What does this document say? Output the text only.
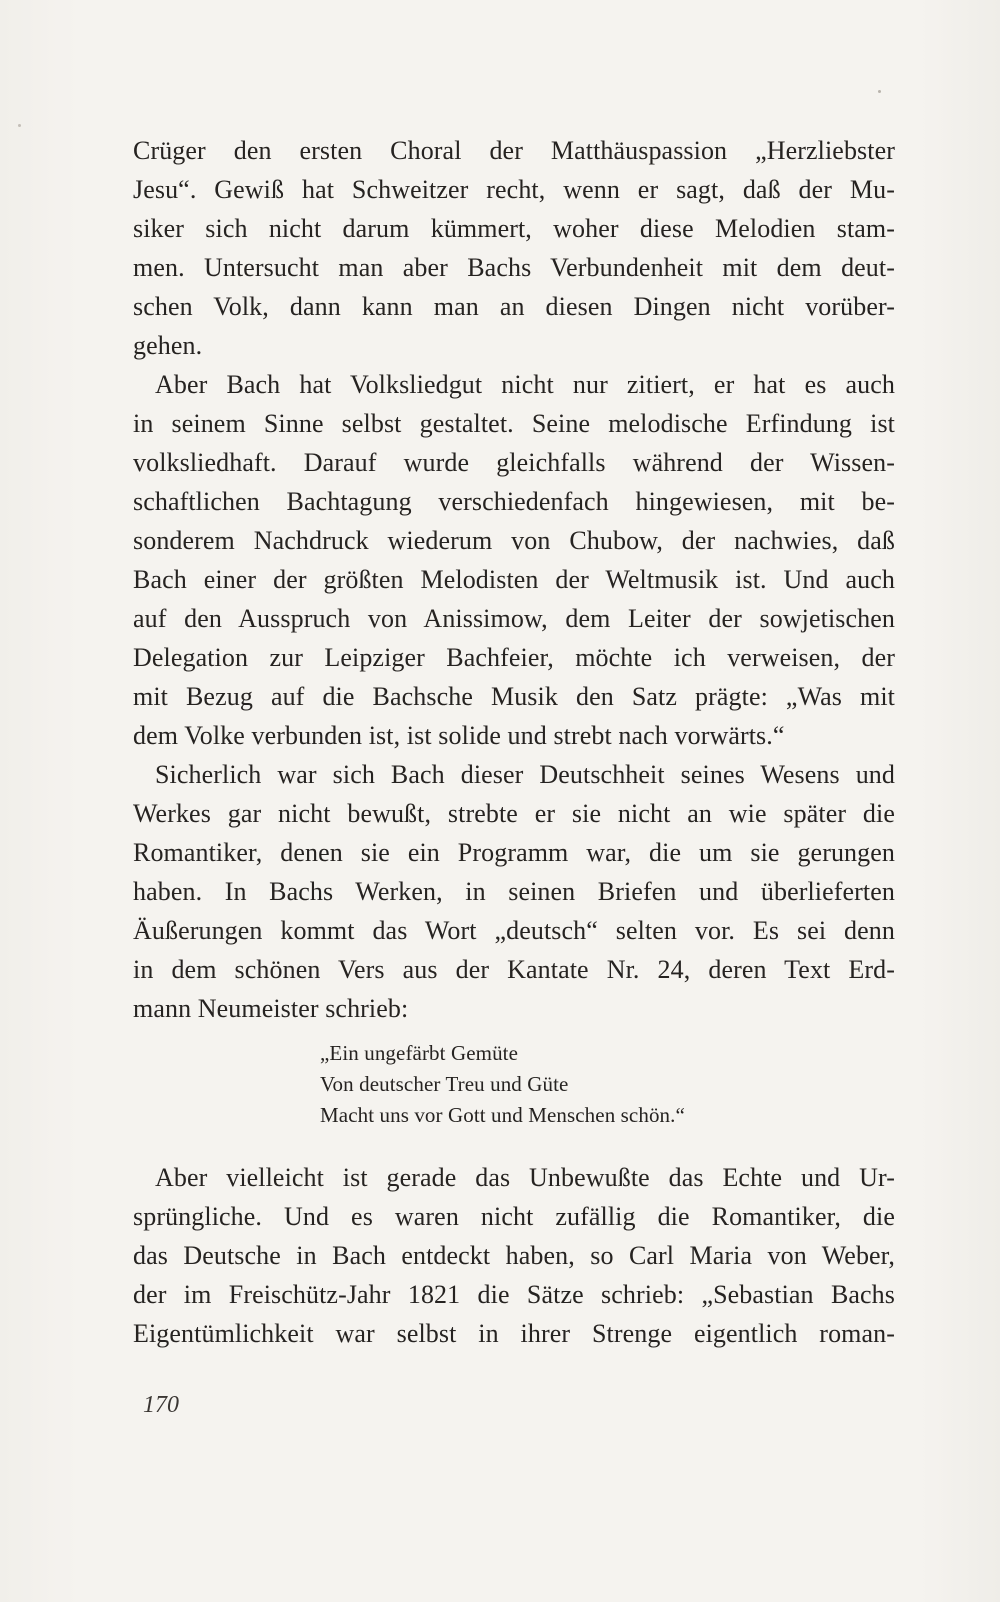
Crüger den ersten Choral der Matthäuspassion „Herzliebster

Jesu“. Gewiß hat Schweitzer recht, wenn er sagt, daß der Mu-

siker sich nicht darum kümmert, woher diese Melodien stam-

men. Untersucht man aber Bachs Verbundenheit mit dem deut-

schen Volk, dann kann man an diesen Dingen nicht vorüber-

gehen.

Aber Bach hat Volksliedgut nicht nur zitiert, er hat es auch

in seinem Sinne selbst gestaltet. Seine melodische Erfindung ist

volksliedhaft. Darauf wurde gleichfalls während der Wissen-

schaftlichen Bachtagung verschiedenfach hingewiesen, mit be-

sonderem Nachdruck wiederum von Chubow, der nachwies, daß

Bach einer der größten Melodisten der Weltmusik ist. Und auch

auf den Ausspruch von Anissimow, dem Leiter der sowjetischen

Delegation zur Leipziger Bachfeier, möchte ich verweisen, der

mit Bezug auf die Bachsche Musik den Satz prägte: „Was mit

dem Volke verbunden ist, ist solide und strebt nach vorwärts.“

Sicherlich war sich Bach dieser Deutschheit seines Wesens und

Werkes gar nicht bewußt, strebte er sie nicht an wie später die

Romantiker, denen sie ein Programm war, die um sie gerungen

haben. In Bachs Werken, in seinen Briefen und überlieferten

Äußerungen kommt das Wort „deutsch“ selten vor. Es sei denn

in dem schönen Vers aus der Kantate Nr. 24, deren Text Erd-

mann Neumeister schrieb:

„Ein ungefärbt Gemüte

Von deutscher Treu und Güte

Macht uns vor Gott und Menschen schön.“

Aber vielleicht ist gerade das Unbewußte das Echte und Ur-

sprüngliche. Und es waren nicht zufällig die Romantiker, die

das Deutsche in Bach entdeckt haben, so Carl Maria von Weber,

der im Freischütz-Jahr 1821 die Sätze schrieb: „Sebastian Bachs

Eigentümlichkeit war selbst in ihrer Strenge eigentlich roman-

170
